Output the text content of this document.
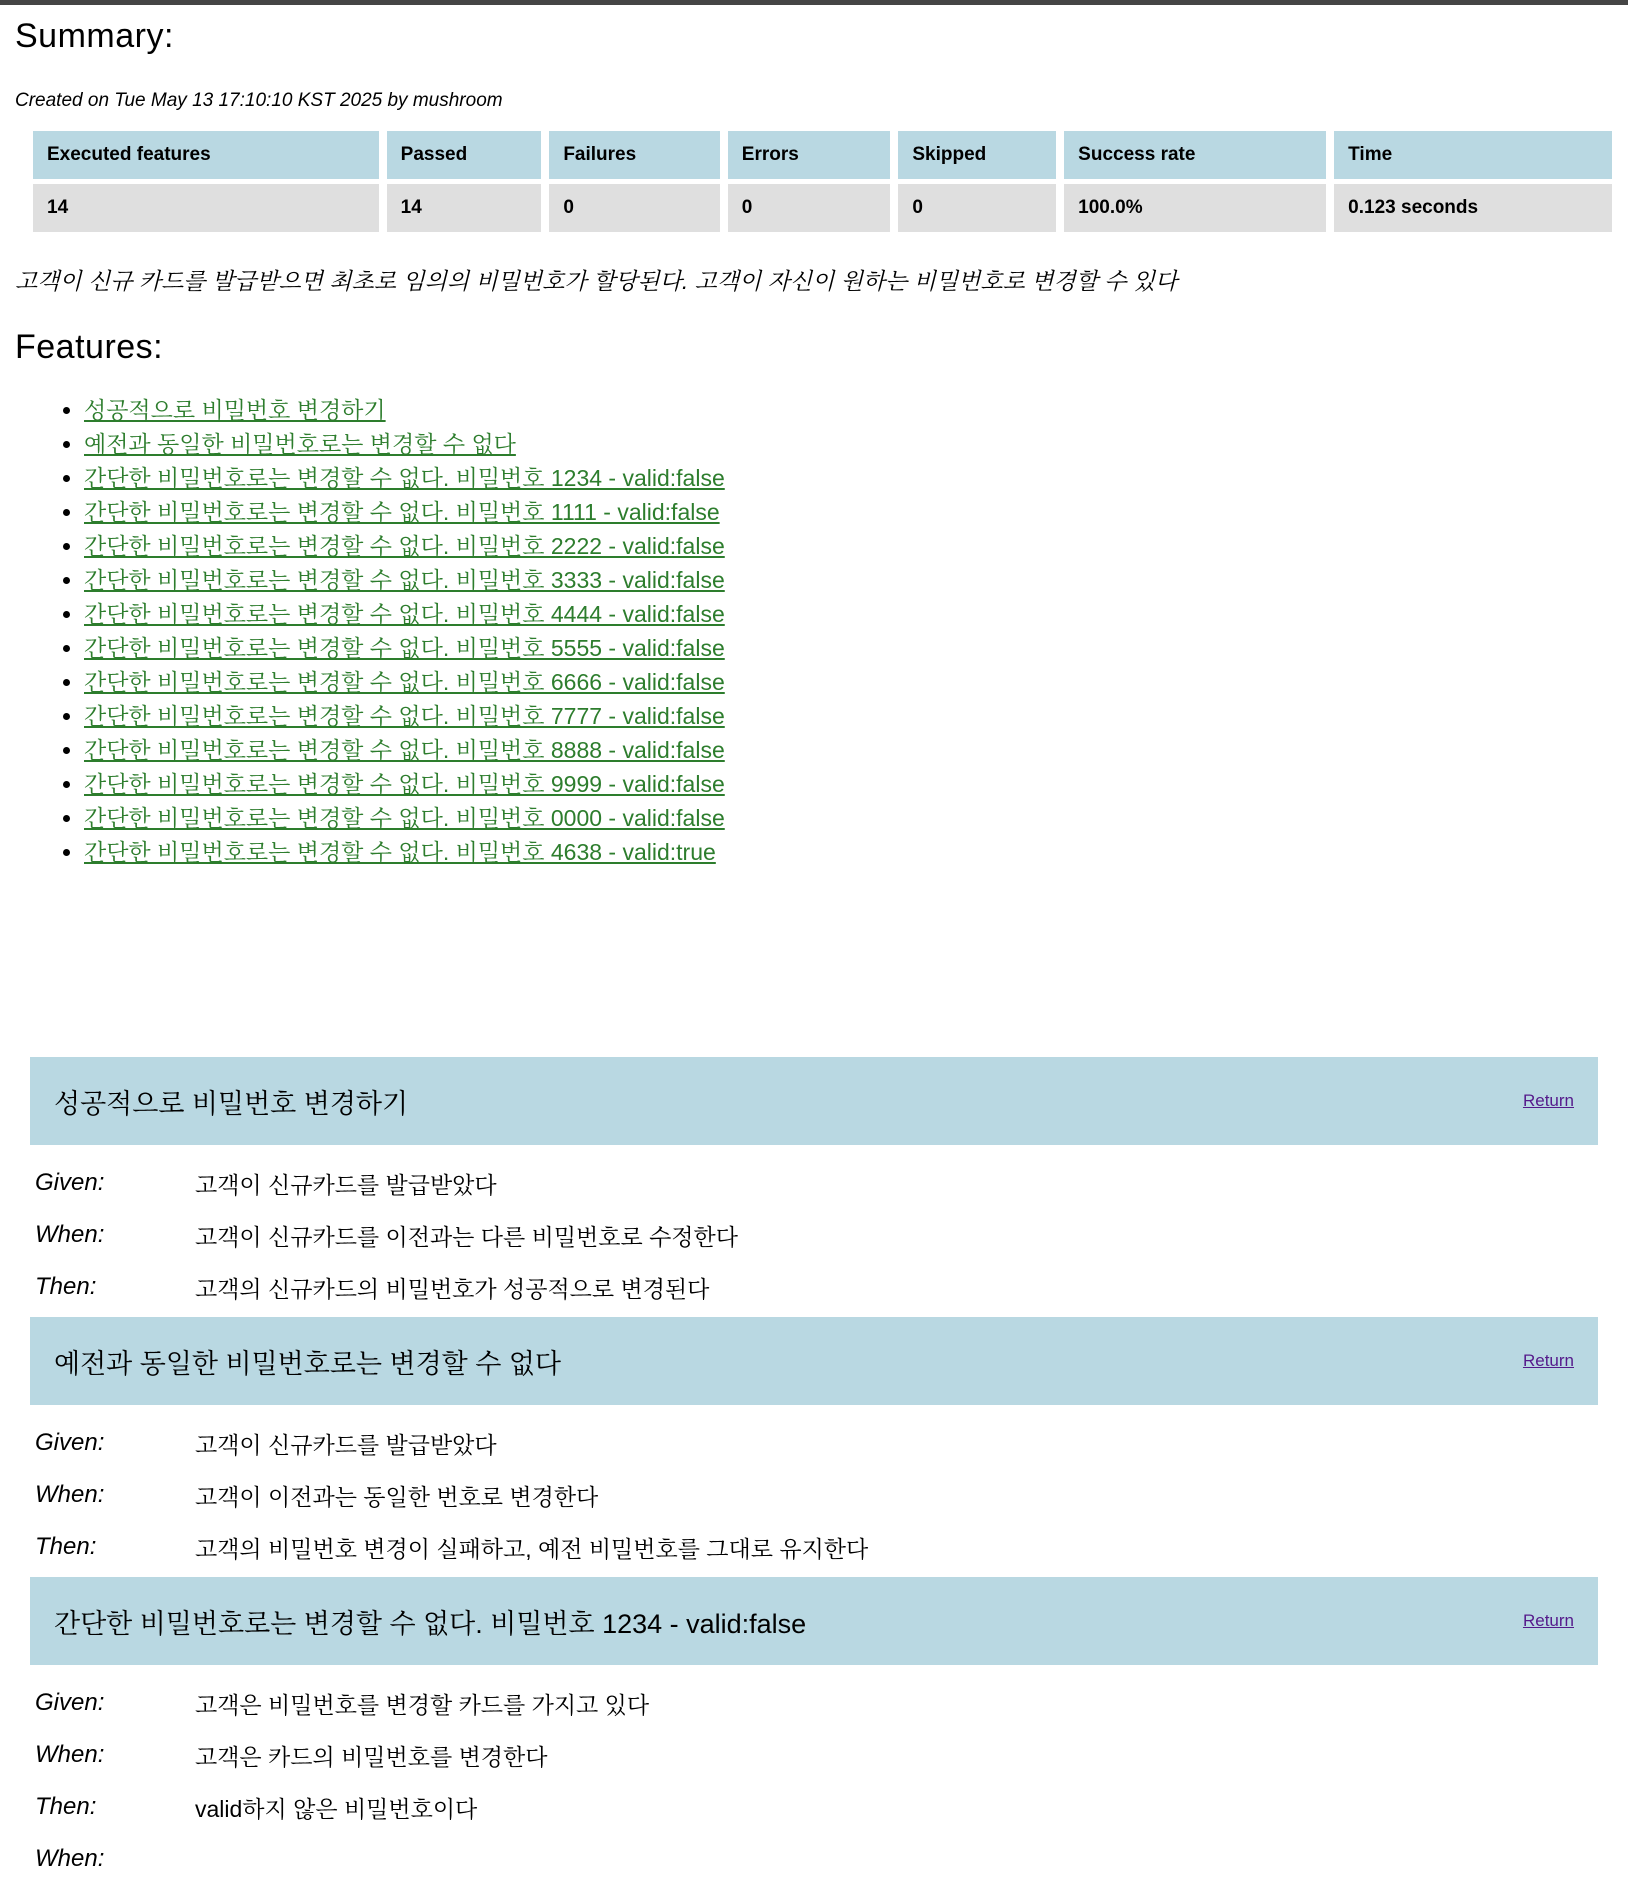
Summary:

Created on Tue May 13 17:10:10 KST 2025 by mushroom

Executed features	Passed	Failures	Errors	Skipped	Success rate	Time
14	14	0	0	0	100.0%	0.123 seconds

고객이 신규 카드를 발급받으면 최초로 임의의 비밀번호가 할당된다. 고객이 자신이 원하는 비밀번호로 변경할 수 있다

Features:
• 성공적으로 비밀번호 변경하기
• 예전과 동일한 비밀번호로는 변경할 수 없다
• 간단한 비밀번호로는 변경할 수 없다. 비밀번호 1234 - valid:false
• 간단한 비밀번호로는 변경할 수 없다. 비밀번호 1111 - valid:false
• 간단한 비밀번호로는 변경할 수 없다. 비밀번호 2222 - valid:false
• 간단한 비밀번호로는 변경할 수 없다. 비밀번호 3333 - valid:false
• 간단한 비밀번호로는 변경할 수 없다. 비밀번호 4444 - valid:false
• 간단한 비밀번호로는 변경할 수 없다. 비밀번호 5555 - valid:false
• 간단한 비밀번호로는 변경할 수 없다. 비밀번호 6666 - valid:false
• 간단한 비밀번호로는 변경할 수 없다. 비밀번호 7777 - valid:false
• 간단한 비밀번호로는 변경할 수 없다. 비밀번호 8888 - valid:false
• 간단한 비밀번호로는 변경할 수 없다. 비밀번호 9999 - valid:false
• 간단한 비밀번호로는 변경할 수 없다. 비밀번호 0000 - valid:false
• 간단한 비밀번호로는 변경할 수 없다. 비밀번호 4638 - valid:true
성공적으로 비밀번호 변경하기	Return
Given:	고객이 신규카드를 발급받았다
When:	고객이 신규카드를 이전과는 다른 비밀번호로 수정한다
Then:	고객의 신규카드의 비밀번호가 성공적으로 변경된다
예전과 동일한 비밀번호로는 변경할 수 없다	Return
Given:	고객이 신규카드를 발급받았다
When:	고객이 이전과는 동일한 번호로 변경한다
Then:	고객의 비밀번호 변경이 실패하고, 예전 비밀번호를 그대로 유지한다
간단한 비밀번호로는 변경할 수 없다. 비밀번호 1234 - valid:false	Return
Given:	고객은 비밀번호를 변경할 카드를 가지고 있다
When:	고객은 카드의 비밀번호를 변경한다
Then:	valid하지 않은 비밀번호이다
When:
